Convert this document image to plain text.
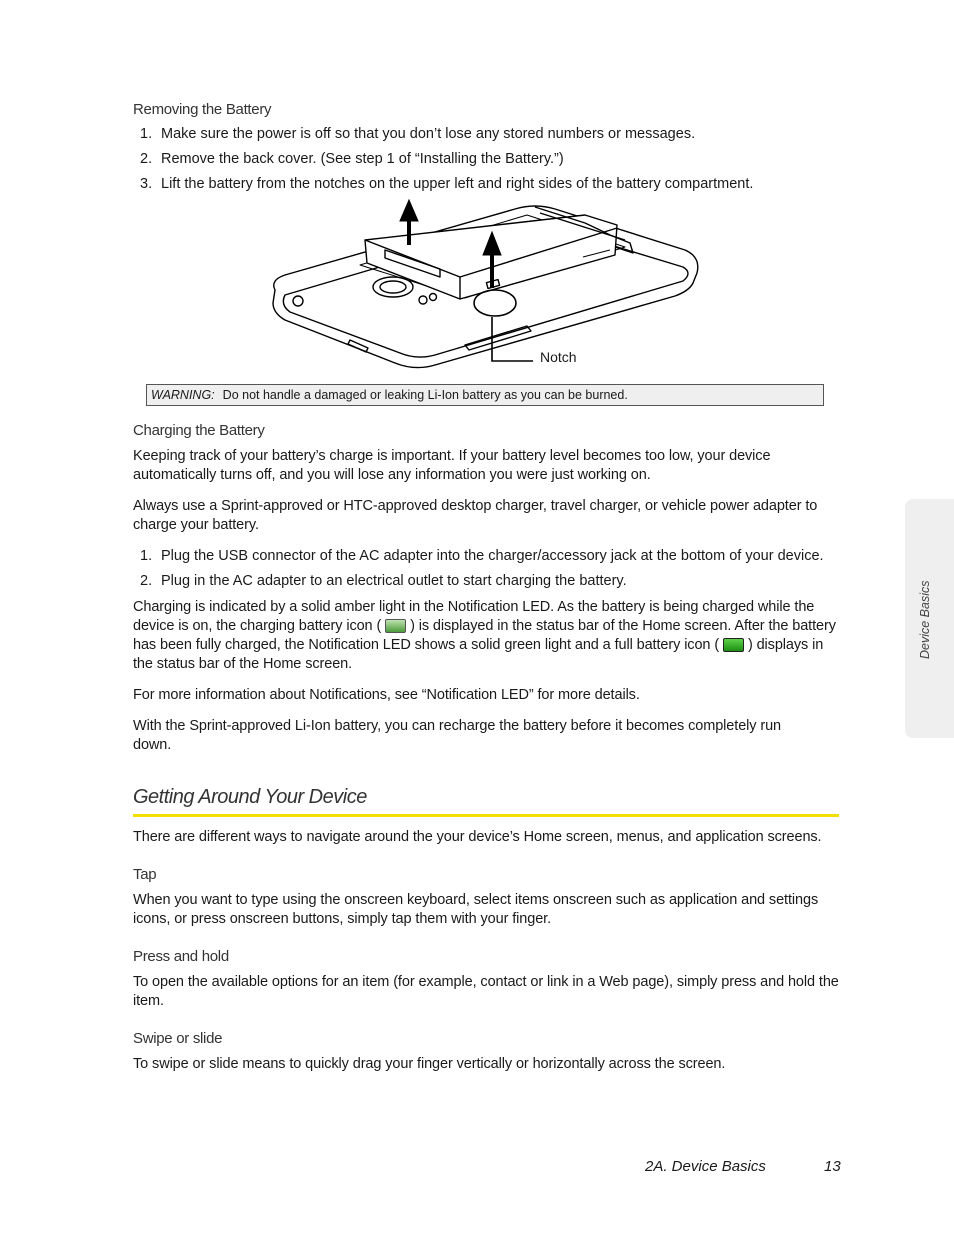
Removing the Battery
1. Make sure the power is off so that you don’t lose any stored numbers or messages.
2. Remove the back cover. (See step 1 of “Installing the Battery.”)
3. Lift the battery from the notches on the upper left and right sides of the battery compartment.
Notch
WARNING: Do not handle a damaged or leaking Li-Ion battery as you can be burned.
Charging the Battery
Keeping track of your battery’s charge is important. If your battery level becomes too low, your device automatically turns off, and you will lose any information you were just working on.
Always use a Sprint-approved or HTC-approved desktop charger, travel charger, or vehicle power adapter to charge your battery.
1. Plug the USB connector of the AC adapter into the charger/accessory jack at the bottom of your device.
2. Plug in the AC adapter to an electrical outlet to start charging the battery.
Charging is indicated by a solid amber light in the Notification LED. As the battery is being charged while the device is on, the charging battery icon ( ) is displayed in the status bar of the Home screen. After the battery has been fully charged, the Notification LED shows a solid green light and a full battery icon ( ) displays in the status bar of the Home screen.
For more information about Notifications, see “Notification LED” for more details.
With the Sprint-approved Li-Ion battery, you can recharge the battery before it becomes completely run down.
Getting Around Your Device
There are different ways to navigate around the your device’s Home screen, menus, and application screens.
Tap
When you want to type using the onscreen keyboard, select items onscreen such as application and settings icons, or press onscreen buttons, simply tap them with your finger.
Press and hold
To open the available options for an item (for example, contact or link in a Web page), simply press and hold the item.
Swipe or slide
To swipe or slide means to quickly drag your finger vertically or horizontally across the screen.
Device Basics
2A. Device Basics	13
